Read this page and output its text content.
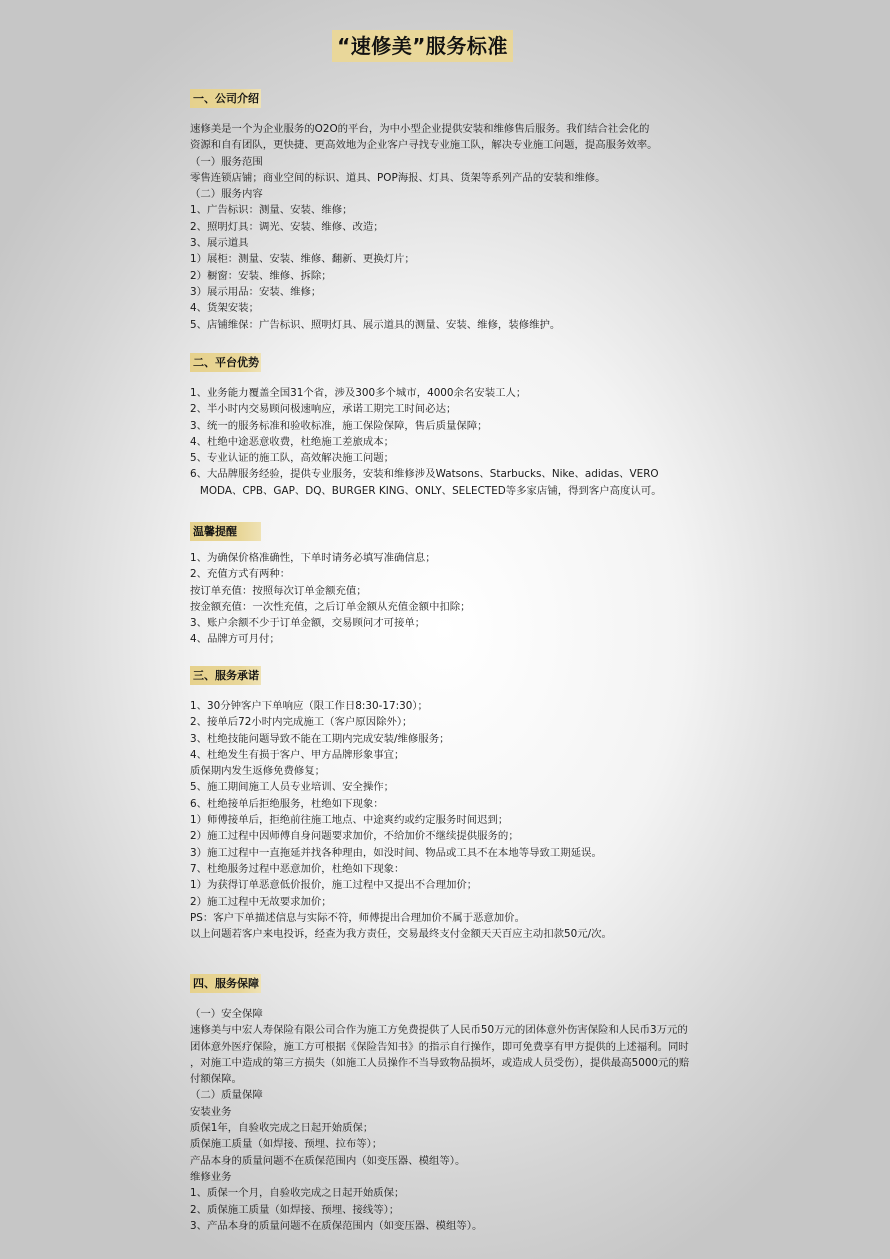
“速修美”服务标准
一、公司介绍
速修美是一个为企业服务的O2O的平台，为中小型企业提供安装和维修售后服务。我们结合社会化的
资源和自有团队，更快捷、更高效地为企业客户寻找专业施工队，解决专业施工问题，提高服务效率。
（一）服务范围
零售连锁店铺；商业空间的标识、道具、POP海报、灯具、货架等系列产品的安装和维修。
（二）服务内容
1、广告标识：测量、安装、维修；
2、照明灯具：调光、安装、维修、改造；
3、展示道具
1）展柜：测量、安装、维修、翻新、更换灯片；
2）橱窗：安装、维修、拆除；
3）展示用品：安装、维修；
4、货架安装；
5、店铺维保：广告标识、照明灯具、展示道具的测量、安装、维修，装修维护。
二、平台优势
1、业务能力覆盖全国31个省，涉及300多个城市，4000余名安装工人；
2、半小时内交易顾问极速响应，承诺工期完工时间必达；
3、统一的服务标准和验收标准，施工保险保障，售后质量保障；
4、杜绝中途恶意收费，杜绝施工差旅成本；
5、专业认证的施工队，高效解决施工问题；
6、大品牌服务经验，提供专业服务，安装和维修涉及Watsons、Starbucks、Nike、adidas、VERO
MODA、CPB、GAP、DQ、BURGER KING、ONLY、SELECTED等多家店铺，得到客户高度认可。
温馨提醒
1、为确保价格准确性，下单时请务必填写准确信息；
2、充值方式有两种：
按订单充值：按照每次订单金额充值；
按金额充值：一次性充值，之后订单金额从充值金额中扣除；
3、账户余额不少于订单金额，交易顾问才可接单；
4、品牌方可月付；
三、服务承诺
1、30分钟客户下单响应（限工作日8:30-17:30）；
2、接单后72小时内完成施工（客户原因除外）；
3、杜绝技能问题导致不能在工期内完成安装/维修服务；
4、杜绝发生有损于客户、甲方品牌形象事宜；
质保期内发生返修免费修复；
5、施工期间施工人员专业培训、安全操作；
6、杜绝接单后拒绝服务，杜绝如下现象：
1）师傅接单后，拒绝前往施工地点、中途爽约或约定服务时间迟到；
2）施工过程中因师傅自身问题要求加价，不给加价不继续提供服务的；
3）施工过程中一直拖延并找各种理由，如没时间、物品或工具不在本地等导致工期延误。
7、杜绝服务过程中恶意加价，杜绝如下现象：
1）为获得订单恶意低价报价，施工过程中又提出不合理加价；
2）施工过程中无故要求加价；
PS：客户下单描述信息与实际不符，师傅提出合理加价不属于恶意加价。
以上问题若客户来电投诉，经查为我方责任，交易最终支付金额天天百应主动扣款50元/次。
四、服务保障
（一）安全保障
速修美与中宏人寿保险有限公司合作为施工方免费提供了人民币50万元的团体意外伤害保险和人民币3万元的
团体意外医疗保险，施工方可根据《保险告知书》的指示自行操作，即可免费享有甲方提供的上述福利。同时
，对施工中造成的第三方损失（如施工人员操作不当导致物品损坏，或造成人员受伤），提供最高5000元的赔
付额保障。
（二）质量保障
安装业务
质保1年，自验收完成之日起开始质保；
质保施工质量（如焊接、预埋、拉布等）；
产品本身的质量问题不在质保范围内（如变压器、模组等）。
维修业务
1、质保一个月，自验收完成之日起开始质保；
2、质保施工质量（如焊接、预埋、接线等）；
3、产品本身的质量问题不在质保范围内（如变压器、模组等）。
